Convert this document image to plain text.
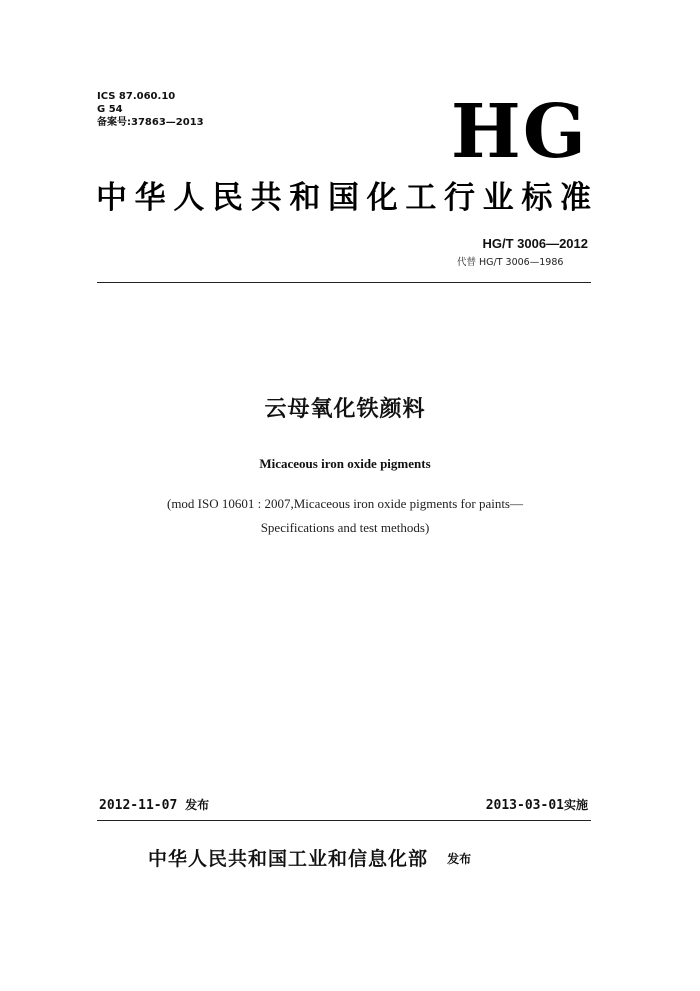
ICS 87.060.10
G 54
备案号:37863—2013	HG
中华人民共和国化工行业标准
HG/T 3006—2012
代替 HG/T 3006—1986
云母氧化铁颜料
Micaceous iron oxide pigments
(mod ISO 10601 : 2007,Micaceous iron oxide pigments for paints—
Specifications and test methods)
2012-11-07 发布	2013-03-01实施
中华人民共和国工业和信息化部 $^{发布}$
